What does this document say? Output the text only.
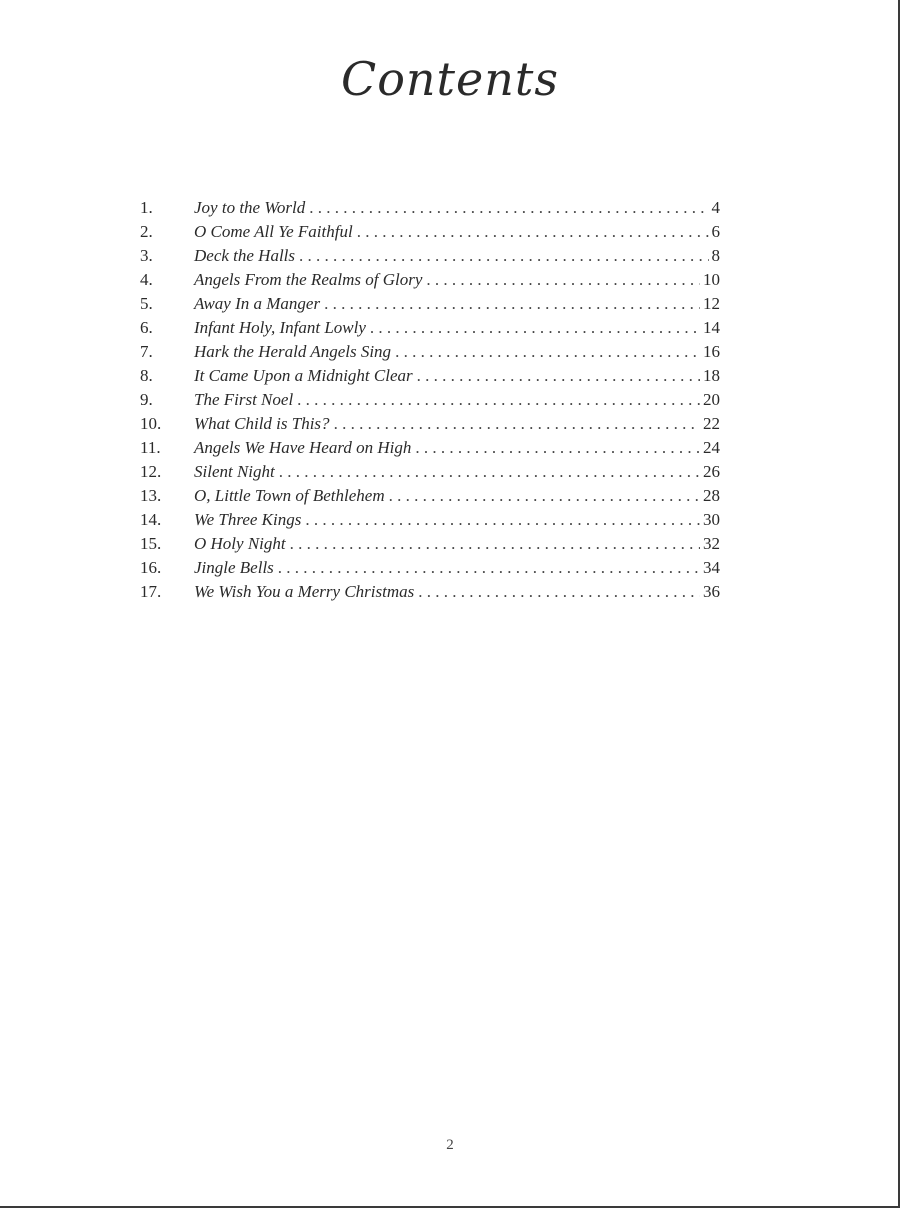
Contents
1.	Joy to the World . . .	4
2.	O Come All Ye Faithful . . .	6
3.	Deck the Halls . . .	8
4.	Angels From the Realms of Glory . . .	10
5.	Away In a Manger . . .	12
6.	Infant Holy, Infant Lowly . . .	14
7.	Hark the Herald Angels Sing . . .	16
8.	It Came Upon a Midnight Clear . . .	18
9.	The First Noel . . .	20
10.	What Child is This? . . .	22
11.	Angels We Have Heard on High . . .	24
12.	Silent Night . . .	26
13.	O, Little Town of Bethlehem . . .	28
14.	We Three Kings . . .	30
15.	O Holy Night . . .	32
16.	Jingle Bells . . .	34
17.	We Wish You a Merry Christmas . . .	36
2
